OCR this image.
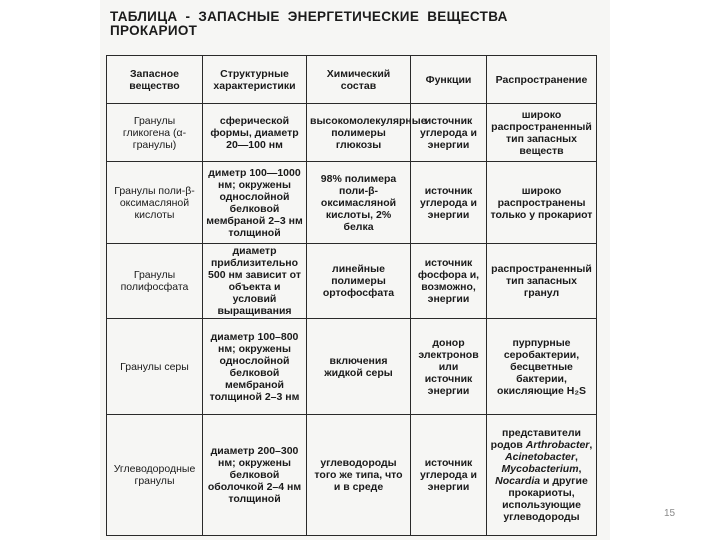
ТАБЛИЦА  -  ЗАПАСНЫЕ  ЭНЕРГЕТИЧЕСКИЕ  ВЕЩЕСТВА
ПРОКАРИОТ
Запасное вещество	Структурные характеристики	Химический состав	Функции	Распространение
Гранулы гликогена (α-гранулы)	сферической формы, диаметр 20—100 нм	высокомолекулярные полимеры глюкозы	источник углерода и энергии	широко распространенный тип запасных веществ
Гранулы поли-β-оксимасляной кислоты	диметр 100—1000 нм; окружены однослойной белковой мембраной 2–3 нм толщиной	98% полимера поли-β-оксимасляной кислоты, 2% белка	источник углерода и энергии	широко распространены только у прокариот
Гранулы полифосфата	диаметр приблизительно 500 нм зависит от объекта и условий выращивания	линейные полимеры ортофосфата	источник фосфора и, возможно, энергии	распространенный тип запасных гранул
Гранулы серы	диаметр 100–800 нм; окружены однослойной белковой мембраной толщиной 2–3 нм	включения жидкой серы	донор электронов или источник энергии	пурпурные серобактерии, бесцветные бактерии, окисляющие H₂S
Углеводородные гранулы	диаметр 200–300 нм; окружены белковой оболочкой 2–4 нм толщиной	углеводороды того же типа, что и в среде	источник углерода и энергии	представители родов Arthrobacter, Acinetobacter, Mycobacterium, Nocardia и другие прокариоты, использующие углеводороды	15
